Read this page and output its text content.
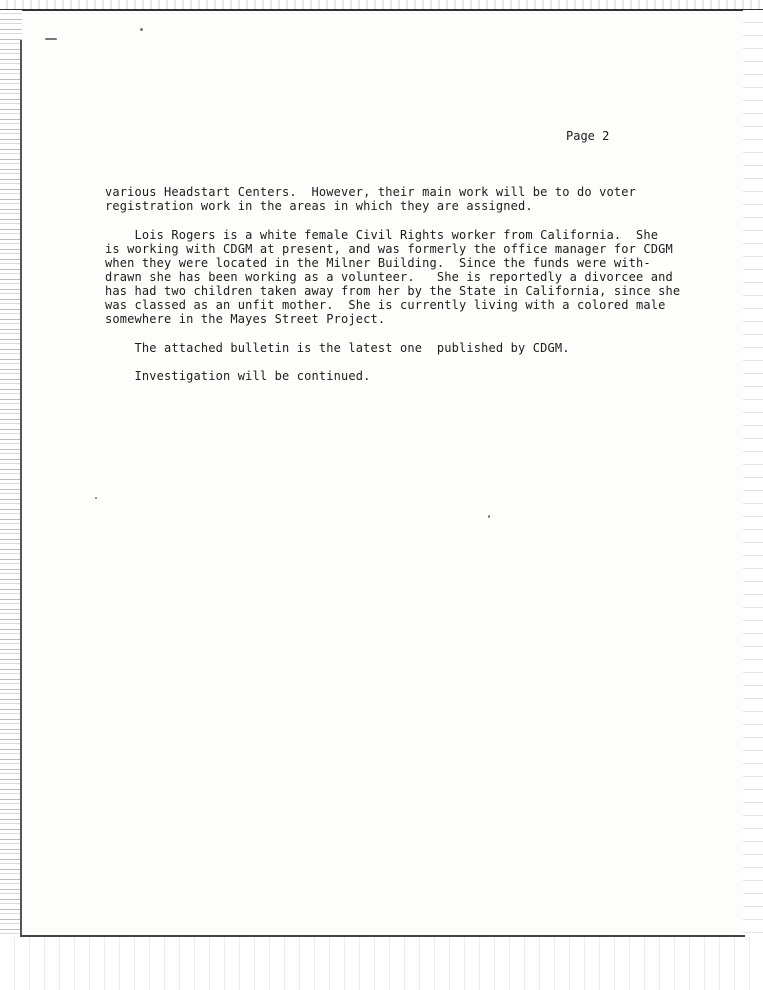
Page 2
various Headstart Centers.  However, their main work will be to do voter
registration work in the areas in which they are assigned.
Lois Rogers is a white female Civil Rights worker from California.  She
is working with CDGM at present, and was formerly the office manager for CDGM
when they were located in the Milner Building.  Since the funds were with-
drawn she has been working as a volunteer.   She is reportedly a divorcee and
has had two children taken away from her by the State in California, since she
was classed as an unfit mother.  She is currently living with a colored male
somewhere in the Mayes Street Project.
The attached bulletin is the latest one  published by CDGM.
Investigation will be continued.
